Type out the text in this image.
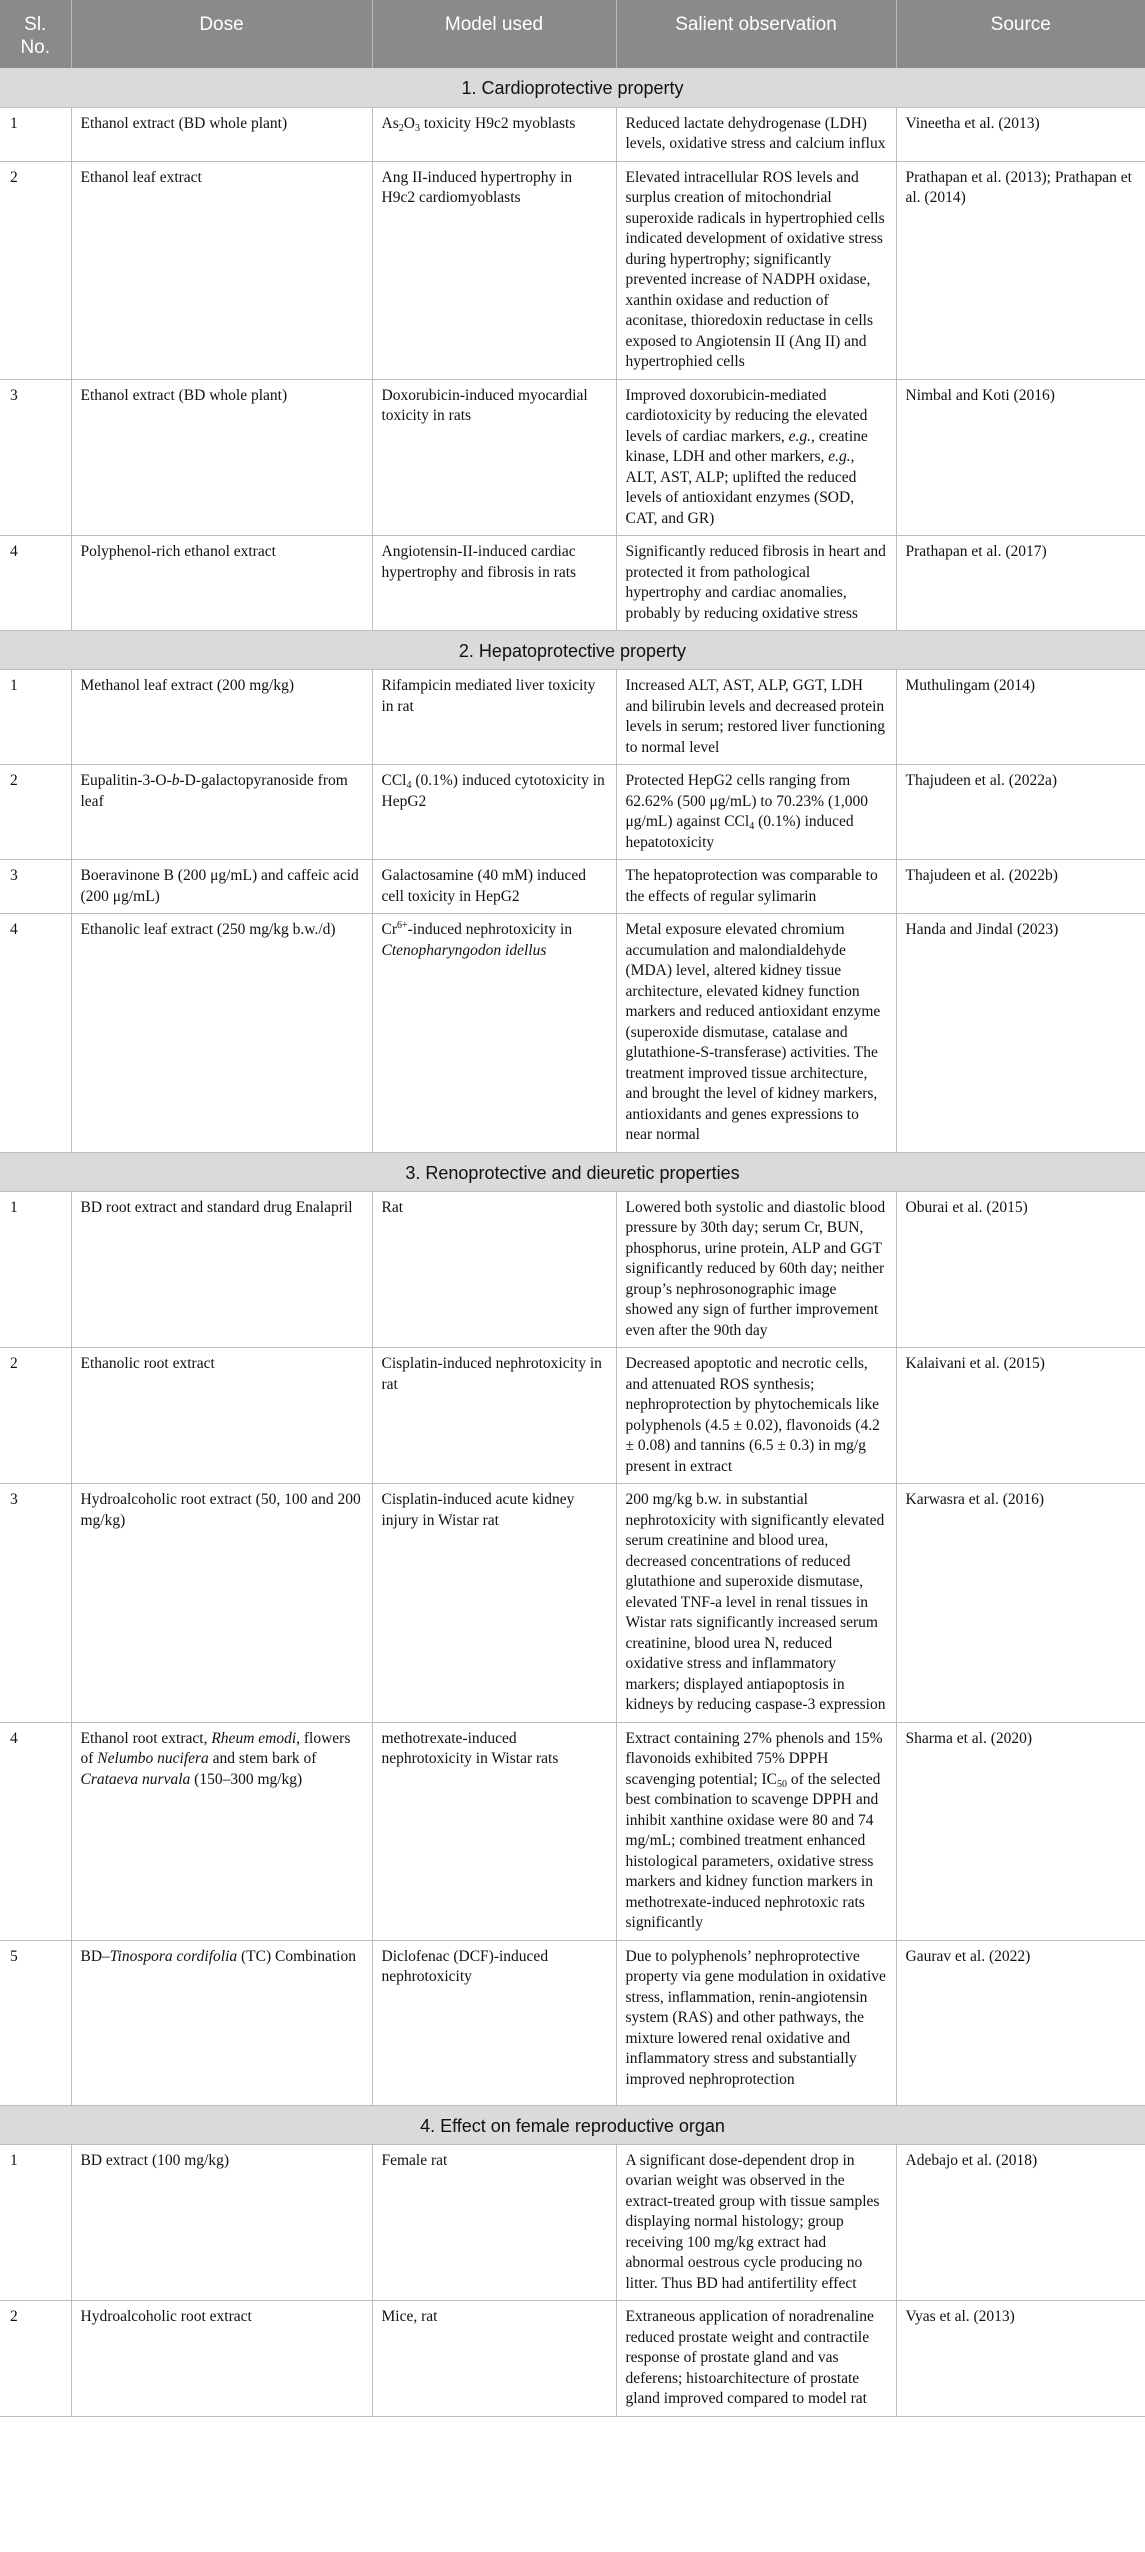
Sl. No.	Dose	Model used	Salient observation	Source
1. Cardioprotective property				
1	Ethanol extract (BD whole plant)	$As_2O_3$ toxicity H9c2 myoblasts	Reduced lactate dehydrogenase (LDH) levels, oxidative stress and calcium influx	Vineetha et al. (2013)
2	Ethanol leaf extract	Ang II-induced hypertrophy in H9c2 cardiomyoblasts	Elevated intracellular ROS levels and surplus creation of mitochondrial superoxide radicals in hypertrophied cells indicated development of oxidative stress during hypertrophy; significantly prevented increase of NADPH oxidase, xanthin oxidase and reduction of aconitase, thioredoxin reductase in cells exposed to Angiotensin II (Ang II) and hypertrophied cells	Prathapan et al. (2013); Prathapan et al. (2014)
3	Ethanol extract (BD whole plant)	Doxorubicin-induced myocardial toxicity in rats	Improved doxorubicin-mediated cardiotoxicity by reducing the elevated levels of cardiac markers, e.g., creatine kinase, LDH and other markers, e.g., ALT, AST, ALP; uplifted the reduced levels of antioxidant enzymes (SOD, CAT, and GR)	Nimbal and Koti (2016)
4	Polyphenol-rich ethanol extract	Angiotensin-II-induced cardiac hypertrophy and fibrosis in rats	Significantly reduced fibrosis in heart and protected it from pathological hypertrophy and cardiac anomalies, probably by reducing oxidative stress	Prathapan et al. (2017)
2. Hepatoprotective property				
1	Methanol leaf extract (200 mg/kg)	Rifampicin mediated liver toxicity in rat	Increased ALT, AST, ALP, GGT, LDH and bilirubin levels and decreased protein levels in serum; restored liver functioning to normal level	Muthulingam (2014)
2	Eupalitin-3-O-b-D-galactopyranoside from leaf	CCl$_4$ (0.1%) induced cytotoxicity in HepG2	Protected HepG2 cells ranging from 62.62% (500 μg/mL) to 70.23% (1,000 μg/mL) against CCl$_4$ (0.1%) induced hepatotoxicity	Thajudeen et al. (2022a)
3	Boeravinone B (200 μg/mL) and caffeic acid (200 μg/mL)	Galactosamine (40 mM) induced cell toxicity in HepG2	The hepatoprotection was comparable to the effects of regular sylimarin	Thajudeen et al. (2022b)
4	Ethanolic leaf extract (250 mg/kg b.w./d)	$Cr^{6+}$-induced nephrotoxicity in Ctenopharyngodon idellus	Metal exposure elevated chromium accumulation and malondialdehyde (MDA) level, altered kidney tissue architecture, elevated kidney function markers and reduced antioxidant enzyme (superoxide dismutase, catalase and glutathione-S-transferase) activities. The treatment improved tissue architecture, and brought the level of kidney markers, antioxidants and genes expressions to near normal	Handa and Jindal (2023)
3. Renoprotective and dieuretic properties				
1	BD root extract and standard drug Enalapril	Rat	Lowered both systolic and diastolic blood pressure by 30th day; serum Cr, BUN, phosphorus, urine protein, ALP and GGT significantly reduced by 60th day; neither group’s nephrosonographic image showed any sign of further improvement even after the 90th day	Oburai et al. (2015)
2	Ethanolic root extract	Cisplatin-induced nephrotoxicity in rat	Decreased apoptotic and necrotic cells, and attenuated ROS synthesis; nephroprotection by phytochemicals like polyphenols (4.5 ± 0.02), flavonoids (4.2 ± 0.08) and tannins (6.5 ± 0.3) in mg/g present in extract	Kalaivani et al. (2015)
3	Hydroalcoholic root extract (50, 100 and 200 mg/kg)	Cisplatin-induced acute kidney injury in Wistar rat	200 mg/kg b.w. in substantial nephrotoxicity with significantly elevated serum creatinine and blood urea, decreased concentrations of reduced glutathione and superoxide dismutase, elevated TNF-a level in renal tissues in Wistar rats significantly increased serum creatinine, blood urea N, reduced oxidative stress and inflammatory markers; displayed antiapoptosis in kidneys by reducing caspase-3 expression	Karwasra et al. (2016)
4	Ethanol root extract, Rheum emodi, flowers of Nelumbo nucifera and stem bark of Crataeva nurvala (150–300 mg/kg)	methotrexate-induced nephrotoxicity in Wistar rats	Extract containing 27% phenols and 15% flavonoids exhibited 75% DPPH scavenging potential; $IC_{50}$ of the selected best combination to scavenge DPPH and inhibit xanthine oxidase were 80 and 74 mg/mL; combined treatment enhanced histological parameters, oxidative stress markers and kidney function markers in methotrexate-induced nephrotoxic rats significantly	Sharma et al. (2020)
5	BD–Tinospora cordifolia (TC) Combination	Diclofenac (DCF)-induced nephrotoxicity	Due to polyphenols’ nephroprotective property via gene modulation in oxidative stress, inflammation, renin-angiotensin system (RAS) and other pathways, the mixture lowered renal oxidative and inflammatory stress and substantially improved nephroprotection	Gaurav et al. (2022)
4. Effect on female reproductive organ				
1	BD extract (100 mg/kg)	Female rat	A significant dose-dependent drop in ovarian weight was observed in the extract-treated group with tissue samples displaying normal histology; group receiving 100 mg/kg extract had abnormal oestrous cycle producing no litter. Thus BD had antifertility effect	Adebajo et al. (2018)
2	Hydroalcoholic root extract	Mice, rat	Extraneous application of noradrenaline reduced prostate weight and contractile response of prostate gland and vas deferens; histoarchitecture of prostate gland improved compared to model rat	Vyas et al. (2013)
